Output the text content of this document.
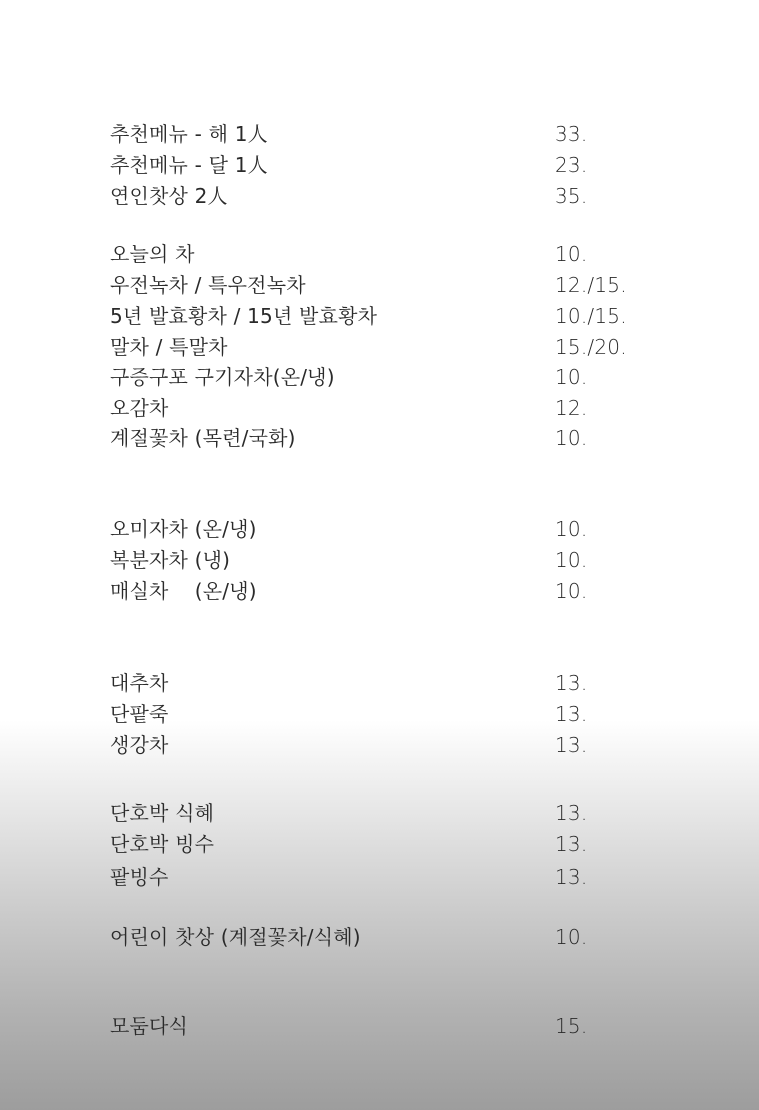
추천메뉴 - 해 1人	33.
추천메뉴 - 달 1人	23.
연인찻상 2人	35.
오늘의 차	10.
우전녹차 / 특우전녹차	12./15.
5년 발효황차 / 15년 발효황차	10./15.
말차 / 특말차	15./20.
구증구포 구기자차(온/냉)	10.
오감차	12.
계절꽃차 (목련/국화)	10.
오미자차 (온/냉)	10.
복분자차 (냉)	10.
매실차    (온/냉)	10.
대추차	13.
단팥죽	13.
생강차	13.
단호박 식혜	13.
단호박 빙수	13.
팥빙수	13.
어린이 찻상 (계절꽃차/식혜)	10.
모둠다식	15.
